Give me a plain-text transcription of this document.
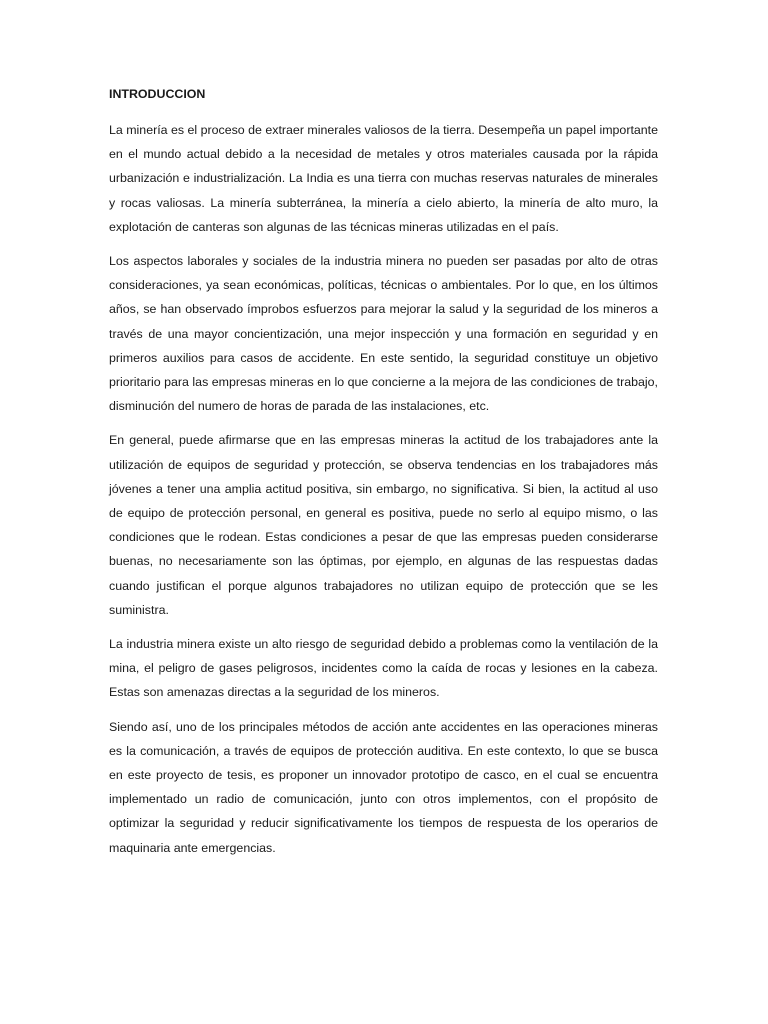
INTRODUCCION

La minería es el proceso de extraer minerales valiosos de la tierra. Desempeña un papel importante en el mundo actual debido a la necesidad de metales y otros materiales causada por la rápida urbanización e industrialización. La India es una tierra con muchas reservas naturales de minerales y rocas valiosas. La minería subterránea, la minería a cielo abierto, la minería de alto muro, la explotación de canteras son algunas de las técnicas mineras utilizadas en el país.

Los aspectos laborales y sociales de la industria minera no pueden ser pasadas por alto de otras consideraciones, ya sean económicas, políticas, técnicas o ambientales. Por lo que, en los últimos años, se han observado ímprobos esfuerzos para mejorar la salud y la seguridad de los mineros a través de una mayor concientización, una mejor inspección y una formación en seguridad y en primeros auxilios para casos de accidente. En este sentido, la seguridad constituye un objetivo prioritario para las empresas mineras en lo que concierne a la mejora de las condiciones de trabajo, disminución del numero de horas de parada de las instalaciones, etc.

En general, puede afirmarse que en las empresas mineras la actitud de los trabajadores ante la utilización de equipos de seguridad y protección, se observa tendencias en los trabajadores más jóvenes a tener una amplia actitud positiva, sin embargo, no significativa. Si bien, la actitud al uso de equipo de protección personal, en general es positiva, puede no serlo al equipo mismo, o las condiciones que le rodean. Estas condiciones a pesar de que las empresas pueden considerarse buenas, no necesariamente son las óptimas, por ejemplo, en algunas de las respuestas dadas cuando justifican el porque algunos trabajadores no utilizan equipo de protección que se les suministra.

La industria minera existe un alto riesgo de seguridad debido a problemas como la ventilación de la mina, el peligro de gases peligrosos, incidentes como la caída de rocas y lesiones en la cabeza. Estas son amenazas directas a la seguridad de los mineros.

Siendo así, uno de los principales métodos de acción ante accidentes en las operaciones mineras es la comunicación, a través de equipos de protección auditiva. En este contexto, lo que se busca en este proyecto de tesis, es proponer un innovador prototipo de casco, en el cual se encuentra implementado un radio de comunicación, junto con otros implementos, con el propósito de optimizar la seguridad y reducir significativamente los tiempos de respuesta de los operarios de maquinaria ante emergencias.
